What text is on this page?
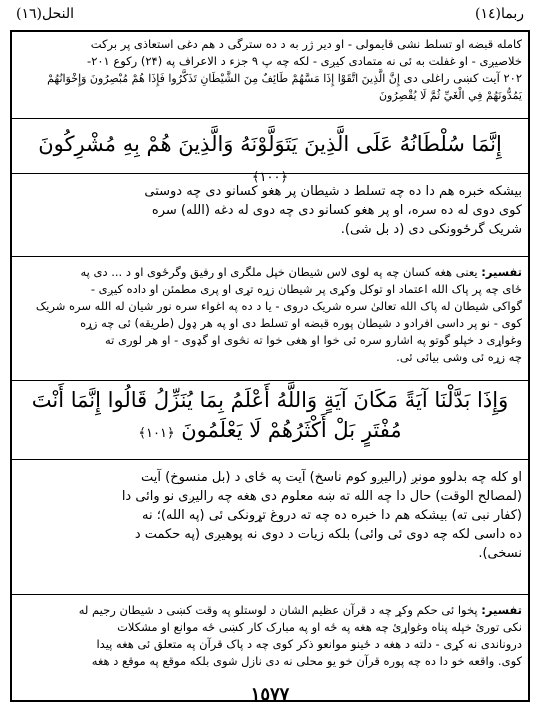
النحل(١٦)	ربما(١٤)
کامله قبضه او تسلط نشی قایمولی - او دیر ژر به د ده سترگی د هم دغی استعاذی پر برکت
خلاصیږی - او غفلت به ئی نه متمادی کیږی - لکه چه پ ۹ جزء د الاعراف په (۲۴) رکوع ۲۰۱-
۲۰۲ آیت کښی راغلی دی إِنَّ الَّذِينَ اتَّقَوْا إِذَا مَسَّهُمْ طَائِفٌ مِنَ الشَّيْطَانِ تَذَكَّرُوا فَإِذَا هُمْ مُبْصِرُونَ وَإِخْوَانُهُمْ يَمُدُّونَهُمْ فِي الْغَيِّ ثُمَّ لَا يُقْصِرُونَ
إِنَّمَا سُلْطَانُهُ عَلَى الَّذِينَ يَتَوَلَّوْنَهُ وَالَّذِينَ هُمْ بِهِ مُشْرِكُونَ ﴿١٠٠﴾
بیشکه خبره هم دا ده چه تسلط د شیطان پر هغو کسانو دی چه دوستی
کوی دوی له ده سره، او پر هغو کسانو دی چه دوی له دغه (الله) سره
شریک گرځوونکی دی (د بل شی).
تفسیر: یعنی هغه کسان چه په لوی لاس شیطان خپل ملگری او رفیق وگرځوی او د ... دی په
ځای چه پر پاک الله اعتماد او توکل وکړی پر شیطان زړه تړی او پری مطمئن او داده کیږی -
گواکی شیطان له پاک الله تعالیٰ سره شریک دروی - یا د ده په اغواء سره نور شیان له الله سره شریک
کوی - نو پر داسی افرادو د شیطان پوره قبضه او تسلط دی او په هر ډول (طریقه) ئی چه زړه
وغواړی د خپلو گوتو په اشارو سره ئی خوا او هغی خوا ته نڅوی او گډوی - او هر لوری ته
چه زړه ئی وشی بیائی ئی.
وَإِذَا بَدَّلْنَا آيَةً مَكَانَ آيَةٍ وَاللَّهُ أَعْلَمُ بِمَا يُنَزِّلُ قَالُوا إِنَّمَا أَنْتَ
مُفْتَرٍ بَلْ أَكْثَرُهُمْ لَا يَعْلَمُونَ ﴿١٠١﴾
او کله چه بدلوو مونږ (راليږو کوم ناسخ) آيت په ځای د (بل منسوخ) آیت
(لمصالح الوقت) حال دا چه الله ته ښه معلوم دی هغه چه رالیږی نو وائی دا
(کفار نبی ته) بیشکه هم دا خبره ده چه ته دروغ تړونکی ئی (په الله)؛ نه
ده داسی لکه چه دوی ئی وائی) بلکه زیات د دوی نه پوهیږی (په حکمت د
نسخی).
تفسیر: پخوا ئی حکم وکړ چه د قرآن عظیم الشان د لوستلو په وقت کښی د شیطان رجیم له
نکی تورئ خپله پناه وغواړئ چه هغه په ځه او په مبارک کار کښی ځه موانع او مشکلات
دروناندی نه کړی - دلته د هغه د ځینو موانعو ذکر کوی چه د پاک قرآن په متعلق ئی هغه پیدا
کوی. واقعه خو دا ده چه پوره قرآن خو یو محلی نه دی نازل شوی بلکه موقع په موقع د هغه
١٥٧٧
